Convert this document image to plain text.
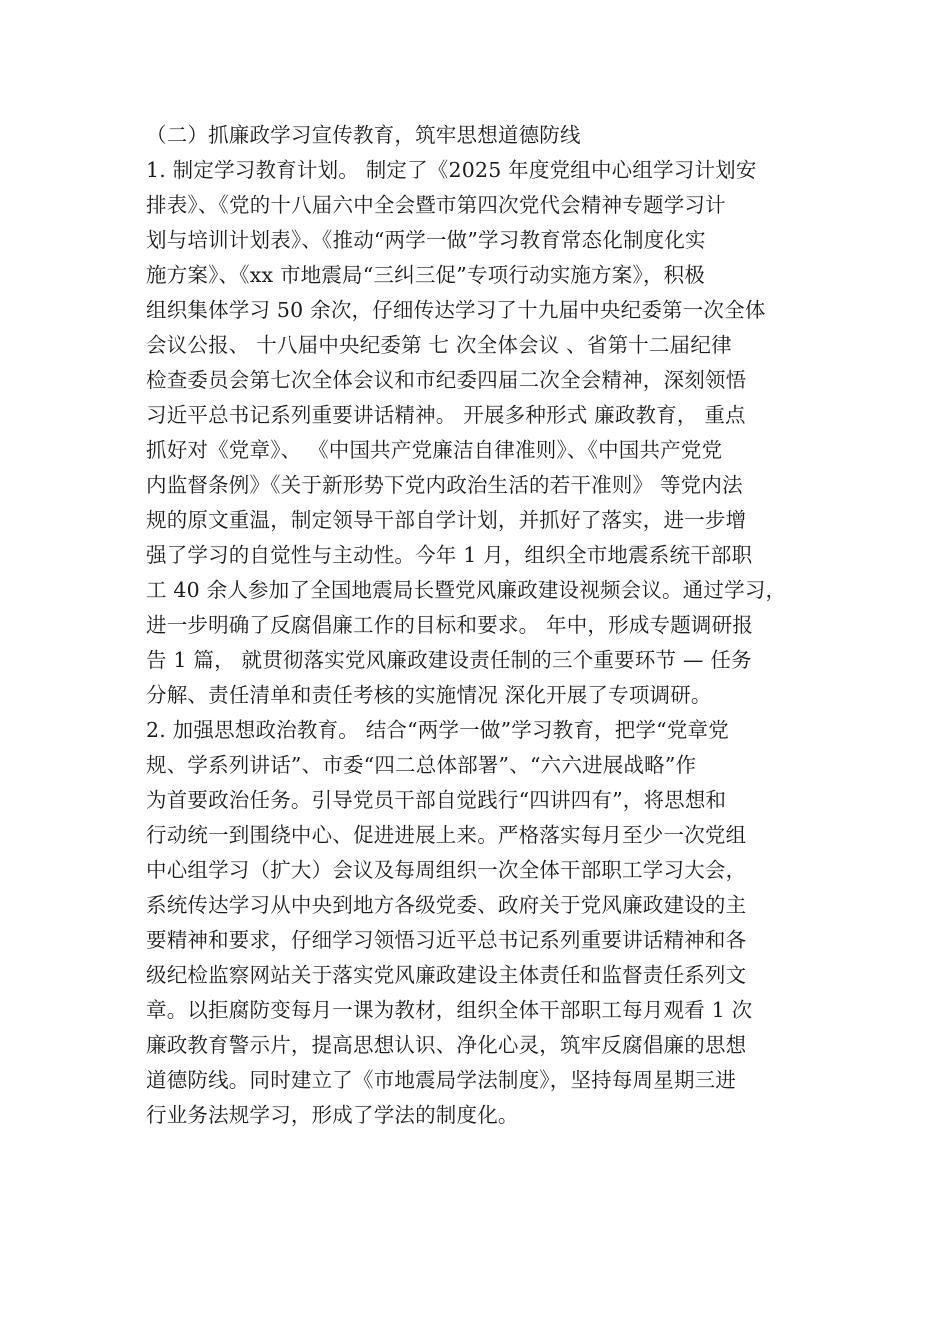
（二）抓廉政学习宣传教育，筑牢思想道德防线
1. 制定学习教育计划。 制定了《2025 年度党组中心组学习计划安
排表》、《党的十八届六中全会暨市第四次党代会精神专题学习计
划与培训计划表》、《推动“两学一做”学习教育常态化制度化实
施方案》、《xx 市地震局“三纠三促”专项行动实施方案》，积极
组织集体学习 50 余次，仔细传达学习了十九届中央纪委第一次全体
会议公报、 十八届中央纪委第 七 次全体会议 、省第十二届纪律
检查委员会第七次全体会议和市纪委四届二次全会精神，深刻领悟
习近平总书记系列重要讲话精神。 开展多种形式 廉政教育， 重点
抓好对《党章》、 《中国共产党廉洁自律准则》、《中国共产党党
内监督条例》《关于新形势下党内政治生活的若干准则》 等党内法
规的原文重温，制定领导干部自学计划，并抓好了落实，进一步增
强了学习的自觉性与主动性。今年 1 月，组织全市地震系统干部职
工 40 余人参加了全国地震局长暨党风廉政建设视频会议。通过学习，
进一步明确了反腐倡廉工作的目标和要求。 年中，形成专题调研报
告 1 篇， 就贯彻落实党风廉政建设责任制的三个重要环节 — 任务
分解、责任清单和责任考核的实施情况 深化开展了专项调研。
2. 加强思想政治教育。 结合“两学一做”学习教育，把学“党章党
规、学系列讲话”、市委“四二总体部署”、“六六进展战略”作
为首要政治任务。引导党员干部自觉践行“四讲四有”，将思想和
行动统一到围绕中心、促进进展上来。严格落实每月至少一次党组
中心组学习（扩大）会议及每周组织一次全体干部职工学习大会，
系统传达学习从中央到地方各级党委、政府关于党风廉政建设的主
要精神和要求，仔细学习领悟习近平总书记系列重要讲话精神和各
级纪检监察网站关于落实党风廉政建设主体责任和监督责任系列文
章。以拒腐防变每月一课为教材，组织全体干部职工每月观看 1 次
廉政教育警示片，提高思想认识、净化心灵，筑牢反腐倡廉的思想
道德防线。同时建立了《市地震局学法制度》，坚持每周星期三进
行业务法规学习，形成了学法的制度化。
